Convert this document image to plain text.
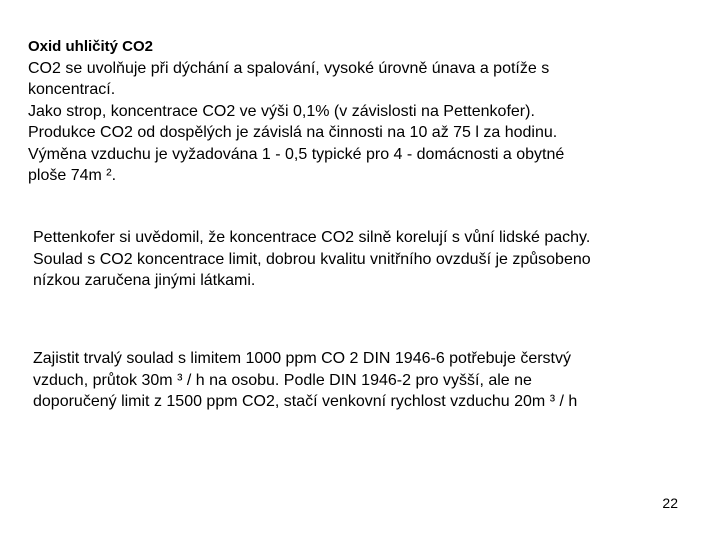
Oxid uhličitý CO2
CO2 se uvolňuje při dýchání a spalování, vysoké úrovně únava a potíže s
koncentrací.
Jako strop, koncentrace CO2 ve výši 0,1% (v závislosti na Pettenkofer).
Produkce CO2 od dospělých je závislá na činnosti na 10 až 75 l za hodinu.
Výměna vzduchu je vyžadována 1 - 0,5 typické pro 4 - domácnosti a obytné
ploše 74m ².
Pettenkofer si uvědomil, že koncentrace CO2 silně korelují s vůní lidské pachy.
Soulad s CO2 koncentrace limit, dobrou kvalitu vnitřního ovzduší je způsobeno
nízkou zaručena jinými látkami.
Zajistit trvalý soulad s limitem 1000 ppm CO 2 DIN 1946-6 potřebuje čerstvý
vzduch, průtok 30m ³ / h na osobu. Podle DIN 1946-2 pro vyšší, ale ne
doporučený limit z 1500 ppm CO2, stačí venkovní rychlost vzduchu 20m ³ / h
22
